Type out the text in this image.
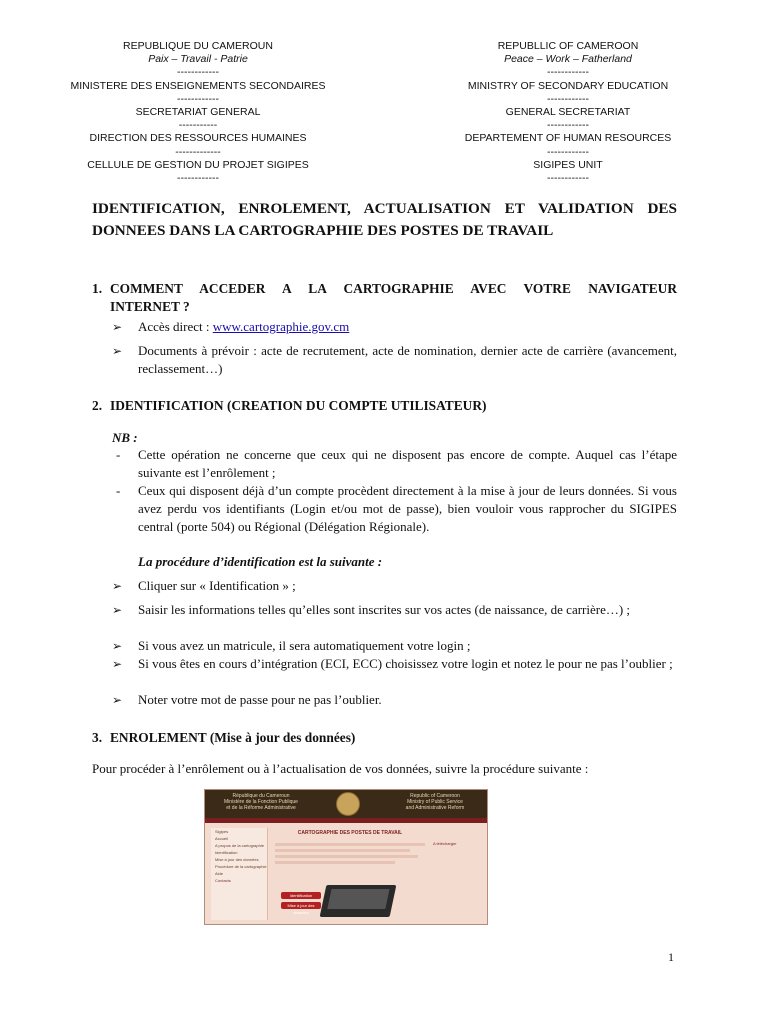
REPUBLIQUE DU CAMEROUN
Paix – Travail - Patrie
------------
MINISTERE DES ENSEIGNEMENTS SECONDAIRES
------------
SECRETARIAT GENERAL
-----------
DIRECTION DES RESSOURCES HUMAINES
-------------
CELLULE DE GESTION DU PROJET SIGIPES
------------
REPUBLLIC OF CAMEROON
Peace – Work – Fatherland
------------
MINISTRY OF SECONDARY EDUCATION
------------
GENERAL SECRETARIAT
------------
DEPARTEMENT OF HUMAN RESOURCES
------------
SIGIPES UNIT
------------
IDENTIFICATION, ENROLEMENT, ACTUALISATION ET VALIDATION DES DONNEES DANS LA CARTOGRAPHIE DES POSTES DE TRAVAIL
1. COMMENT ACCEDER A LA CARTOGRAPHIE AVEC VOTRE NAVIGATEUR
INTERNET ?
➢	Accès direct : www.cartographie.gov.cm
➢	Documents à prévoir : acte de recrutement, acte de nomination, dernier acte de carrière (avancement, reclassement…)
2. IDENTIFICATION (CREATION DU COMPTE UTILISATEUR)
NB :
-	Cette opération ne concerne que ceux qui ne disposent pas encore de compte. Auquel cas l’étape suivante est l’enrôlement ;
-	Ceux qui disposent déjà d’un compte procèdent directement à la mise à jour de leurs données. Si vous avez perdu vos identifiants (Login et/ou mot de passe), bien vouloir vous rapprocher du SIGIPES central (porte 504) ou Régional (Délégation Régionale).
La procédure d’identification est la suivante :
➢	Cliquer sur « Identification » ;
➢	Saisir les informations telles qu’elles sont inscrites sur vos actes (de naissance, de carrière…) ;
➢	Si vous avez un matricule, il sera automatiquement votre login ;
➢	Si vous êtes en cours d’intégration (ECI, ECC) choisissez votre login et notez le pour ne pas l’oublier ;
➢	Noter votre mot de passe pour ne pas l’oublier.
3. ENROLEMENT (Mise à jour des données)
Pour procéder à l’enrôlement ou à l’actualisation de vos données, suivre la procédure suivante :
République du Cameroun
Ministère de la Fonction Publique
et de la Réforme Administrative
Republic of Cameroon
Ministry of Public Service
and Administrative Reform
Sigipes
Accueil
A propos de la cartographie
Identification
Mise à jour des données
Procédure de la cartographie
Aide
Contacts
CARTOGRAPHIE DES POSTES DE TRAVAIL
A télécharger
Identification
Mise à jour des données
1
